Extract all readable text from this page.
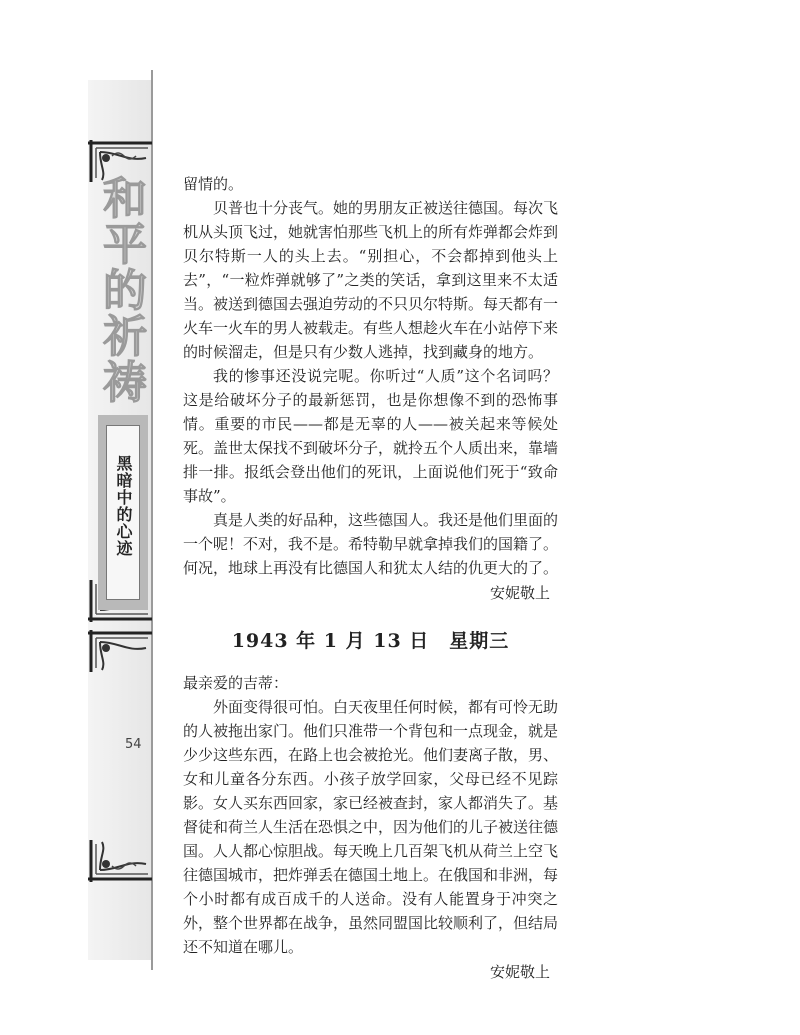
和平的祈祷
黑暗中的心迹
54

留情的。

贝普也十分丧气。她的男朋友正被送往德国。每次飞机从头顶飞过，她就害怕那些飞机上的所有炸弹都会炸到贝尔特斯一人的头上去。“别担心，不会都掉到他头上去”，“一粒炸弹就够了”之类的笑话，拿到这里来不太适当。被送到德国去强迫劳动的不只贝尔特斯。每天都有一火车一火车的男人被载走。有些人想趁火车在小站停下来的时候溜走，但是只有少数人逃掉，找到藏身的地方。

我的惨事还没说完呢。你听过“人质”这个名词吗？这是给破坏分子的最新惩罚，也是你想像不到的恐怖事情。重要的市民——都是无辜的人——被关起来等候处死。盖世太保找不到破坏分子，就拎五个人质出来，靠墙排一排。报纸会登出他们的死讯，上面说他们死于“致命事故”。

真是人类的好品种，这些德国人。我还是他们里面的一个呢！不对，我不是。希特勒早就拿掉我们的国籍了。何况，地球上再没有比德国人和犹太人结的仇更大的了。

安妮敬上

1943 年 1 月 13 日　星期三

最亲爱的吉蒂：

外面变得很可怕。白天夜里任何时候，都有可怜无助的人被拖出家门。他们只准带一个背包和一点现金，就是少少这些东西，在路上也会被抢光。他们妻离子散，男、女和儿童各分东西。小孩子放学回家，父母已经不见踪影。女人买东西回家，家已经被查封，家人都消失了。基督徒和荷兰人生活在恐惧之中，因为他们的儿子被送往德国。人人都心惊胆战。每天晚上几百架飞机从荷兰上空飞往德国城市，把炸弹丢在德国土地上。在俄国和非洲，每个小时都有成百成千的人送命。没有人能置身于冲突之外，整个世界都在战争，虽然同盟国比较顺利了，但结局还不知道在哪儿。

安妮敬上
